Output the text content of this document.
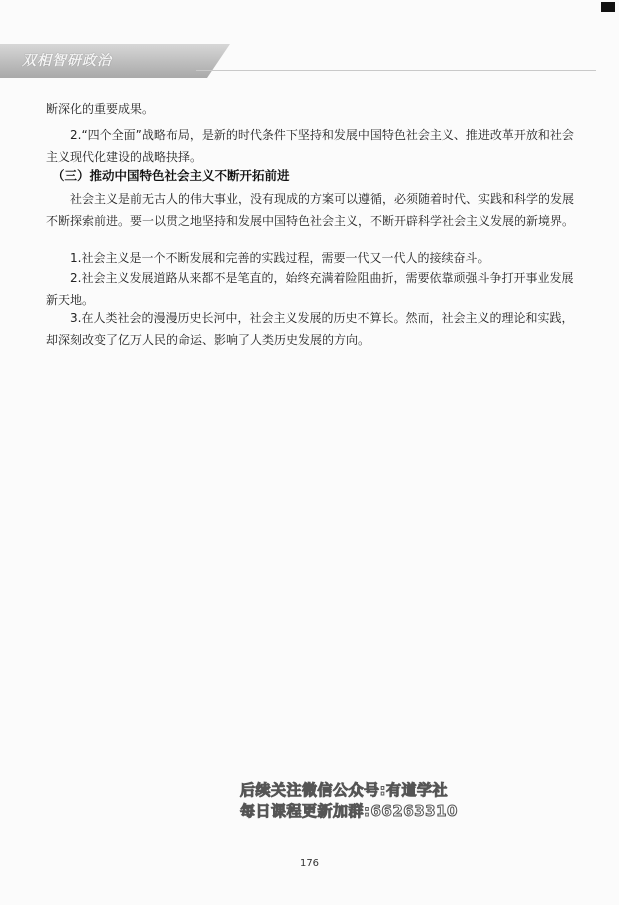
双相智研政治

断深化的重要成果。

2.“四个全面”战略布局，是新的时代条件下坚持和发展中国特色社会主义、推进改革开放和社会主义现代化建设的战略抉择。

（三）推动中国特色社会主义不断开拓前进

社会主义是前无古人的伟大事业，没有现成的方案可以遵循，必须随着时代、实践和科学的发展不断探索前进。要一以贯之地坚持和发展中国特色社会主义，不断开辟科学社会主义发展的新境界。

1.社会主义是一个不断发展和完善的实践过程，需要一代又一代人的接续奋斗。

2.社会主义发展道路从来都不是笔直的，始终充满着险阻曲折，需要依靠顽强斗争打开事业发展新天地。

3.在人类社会的漫漫历史长河中，社会主义发展的历史不算长。然而，社会主义的理论和实践，却深刻改变了亿万人民的命运、影响了人类历史发展的方向。

后续关注微信公众号:有道学社
每日课程更新加群:66263310
176
